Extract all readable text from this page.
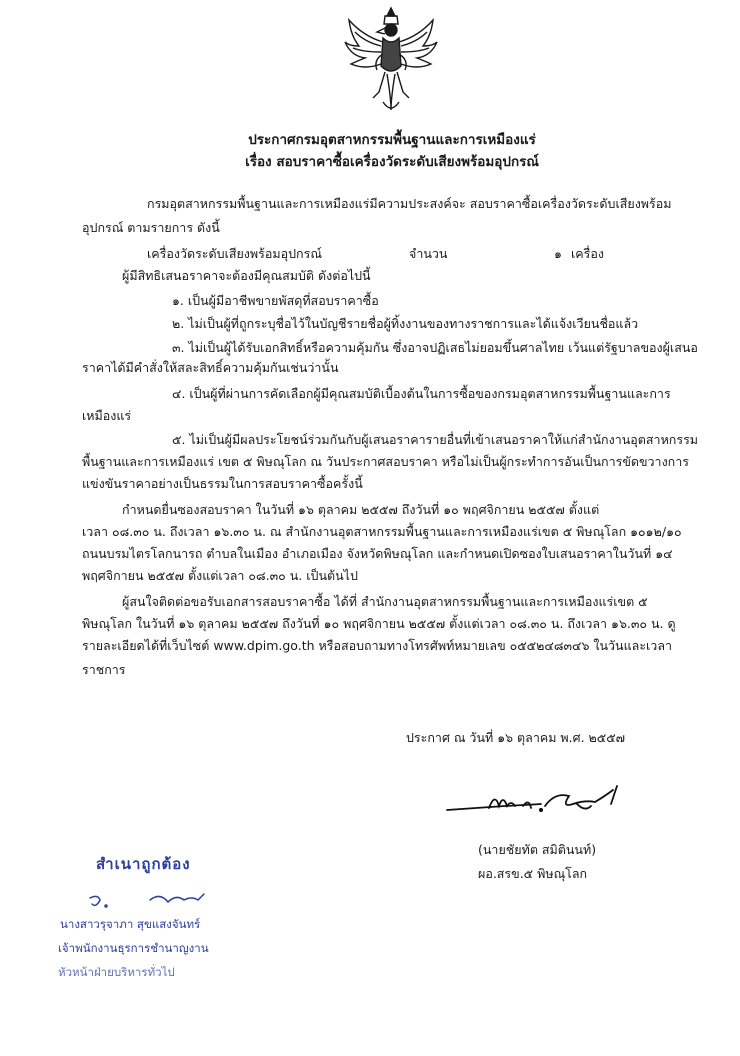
ประกาศกรมอุตสาหกรรมพื้นฐานและการเหมืองแร่
เรื่อง สอบราคาซื้อเครื่องวัดระดับเสียงพร้อมอุปกรณ์
กรมอุตสาหกรรมพื้นฐานและการเหมืองแร่มีความประสงค์จะ สอบราคาซื้อเครื่องวัดระดับเสียงพร้อม
อุปกรณ์ ตามรายการ ดังนี้
เครื่องวัดระดับเสียงพร้อมอุปกรณ์	จำนวน	๑ เครื่อง
ผู้มีสิทธิเสนอราคาจะต้องมีคุณสมบัติ ดังต่อไปนี้
๑. เป็นผู้มีอาชีพขายพัสดุที่สอบราคาซื้อ
๒. ไม่เป็นผู้ที่ถูกระบุชื่อไว้ในบัญชีรายชื่อผู้ทิ้งงานของทางราชการและได้แจ้งเวียนชื่อแล้ว
๓. ไม่เป็นผู้ได้รับเอกสิทธิ์หรือความคุ้มกัน ซึ่งอาจปฏิเสธไม่ยอมขึ้นศาลไทย เว้นแต่รัฐบาลของผู้เสนอ
ราคาได้มีคำสั่งให้สละสิทธิ์ความคุ้มกันเช่นว่านั้น
๔. เป็นผู้ที่ผ่านการคัดเลือกผู้มีคุณสมบัติเบื้องต้นในการซื้อของกรมอุตสาหกรรมพื้นฐานและการ
เหมืองแร่
๕. ไม่เป็นผู้มีผลประโยชน์ร่วมกันกับผู้เสนอราคารายอื่นที่เข้าเสนอราคาให้แก่สำนักงานอุตสาหกรรม
พื้นฐานและการเหมืองแร่ เขต ๕ พิษณุโลก ณ วันประกาศสอบราคา หรือไม่เป็นผู้กระทำการอันเป็นการขัดขวางการ
แข่งขันราคาอย่างเป็นธรรมในการสอบราคาซื้อครั้งนี้
กำหนดยื่นซองสอบราคา ในวันที่ ๑๖ ตุลาคม ๒๕๕๗ ถึงวันที่ ๑๐ พฤศจิกายน ๒๕๕๗ ตั้งแต่
เวลา ๐๘.๓๐ น. ถึงเวลา ๑๖.๓๐ น. ณ สำนักงานอุตสาหกรรมพื้นฐานและการเหมืองแร่เขต ๕ พิษณุโลก ๑๐๑๒/๑๐
ถนนบรมไตรโลกนารถ ตำบลในเมือง อำเภอเมือง จังหวัดพิษณุโลก และกำหนดเปิดซองใบเสนอราคาในวันที่ ๑๔
พฤศจิกายน ๒๕๕๗ ตั้งแต่เวลา ๐๘.๓๐ น. เป็นต้นไป
ผู้สนใจติดต่อขอรับเอกสารสอบราคาซื้อ ได้ที่ สำนักงานอุตสาหกรรมพื้นฐานและการเหมืองแร่เขต ๕
พิษณุโลก ในวันที่ ๑๖ ตุลาคม ๒๕๕๗ ถึงวันที่ ๑๐ พฤศจิกายน ๒๕๕๗ ตั้งแต่เวลา ๐๘.๓๐ น. ถึงเวลา ๑๖.๓๐ น. ดู
รายละเอียดได้ที่เว็บไซต์ www.dpim.go.th หรือสอบถามทางโทรศัพท์หมายเลข ๐๕๕๒๔๘๓๔๖ ในวันและเวลา
ราชการ
ประกาศ ณ วันที่ ๑๖ ตุลาคม พ.ศ. ๒๕๕๗
(นายชัยทัต สมิตินนท์)
ผอ.สรข.๕ พิษณุโลก
สำเนาถูกต้อง
นางสาวรุจาภา สุขแสงจันทร์
เจ้าพนักงานธุรการชำนาญงาน
หัวหน้าฝ่ายบริหารทั่วไป
